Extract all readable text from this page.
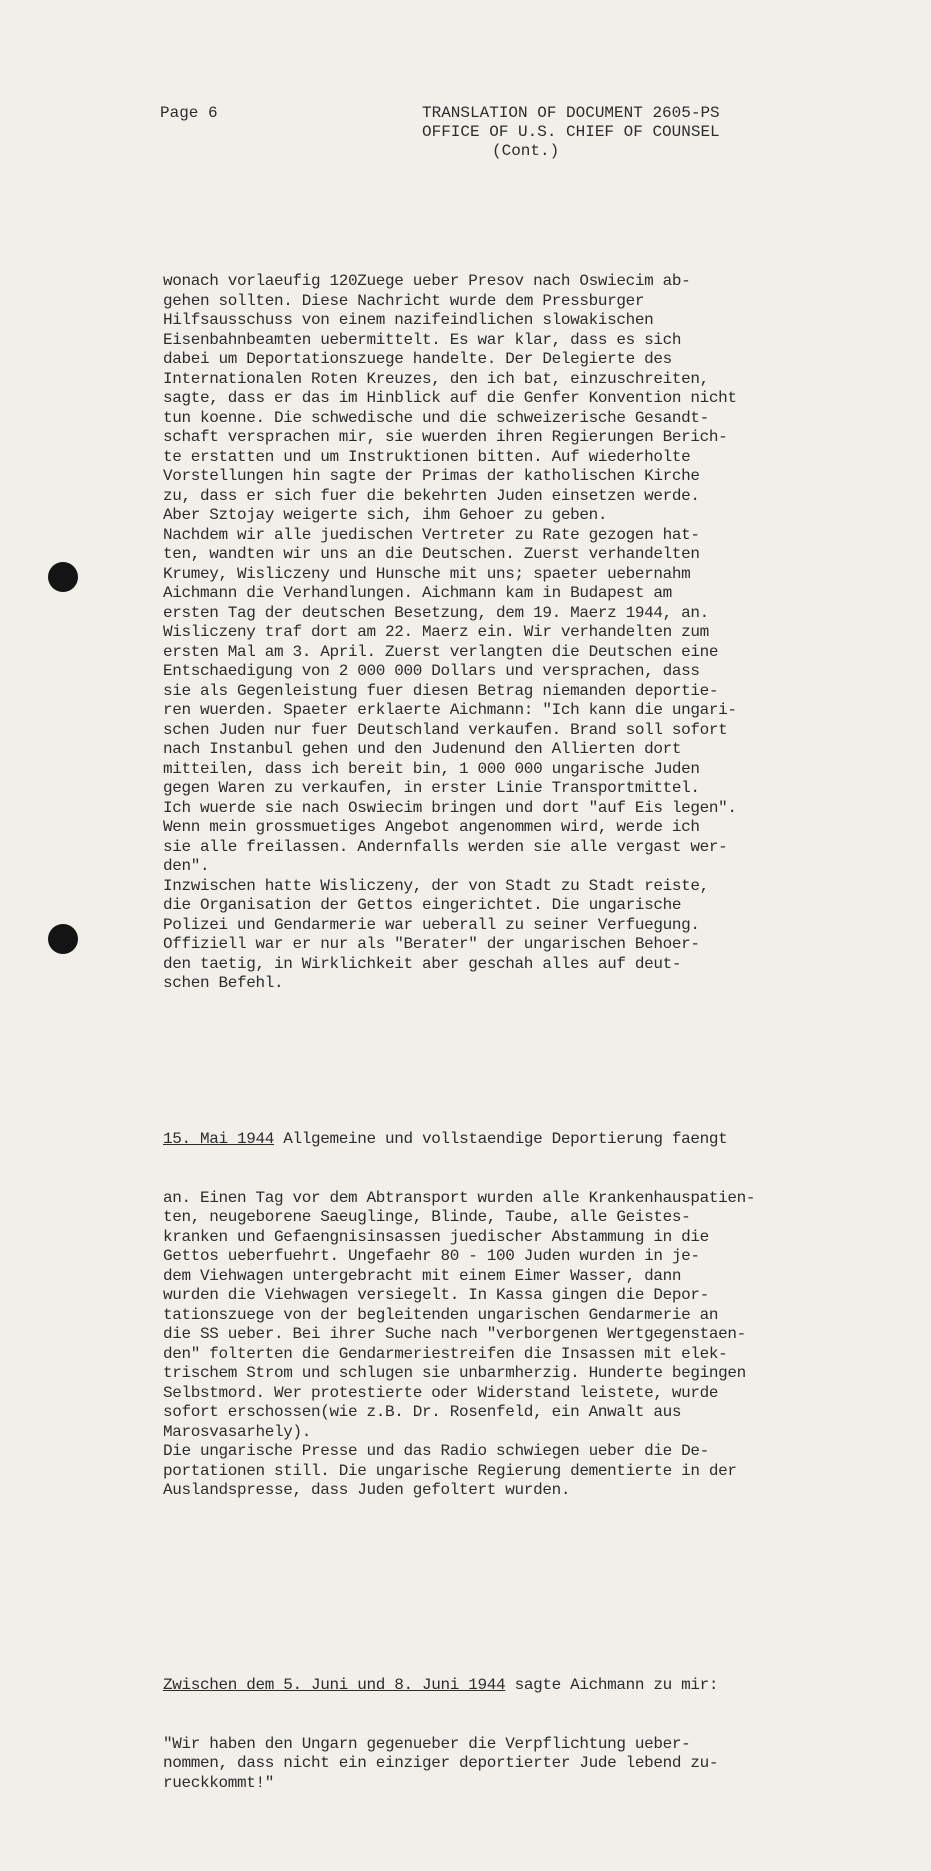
Page 6	TRANSLATION OF DOCUMENT 2605-PS
OFFICE OF U.S. CHIEF OF COUNSEL
(Cont.)

wonach vorlaeufig 120Zuege ueber Presov nach Oswiecim ab-
gehen sollten. Diese Nachricht wurde dem Pressburger
Hilfsausschuss von einem nazifeindlichen slowakischen
Eisenbahnbeamten uebermittelt. Es war klar, dass es sich
dabei um Deportationszuege handelte. Der Delegierte des
Internationalen Roten Kreuzes, den ich bat, einzuschreiten,
sagte, dass er das im Hinblick auf die Genfer Konvention nicht
tun koenne. Die schwedische und die schweizerische Gesandt-
schaft versprachen mir, sie wuerden ihren Regierungen Berich-
te erstatten und um Instruktionen bitten. Auf wiederholte
Vorstellungen hin sagte der Primas der katholischen Kirche
zu, dass er sich fuer die bekehrten Juden einsetzen werde.
Aber Sztojay weigerte sich, ihm Gehoer zu geben.
Nachdem wir alle juedischen Vertreter zu Rate gezogen hat-
ten, wandten wir uns an die Deutschen. Zuerst verhandelten
Krumey, Wisliczeny und Hunsche mit uns; spaeter uebernahm
Aichmann die Verhandlungen. Aichmann kam in Budapest am
ersten Tag der deutschen Besetzung, dem 19. Maerz 1944, an.
Wisliczeny traf dort am 22. Maerz ein. Wir verhandelten zum
ersten Mal am 3. April. Zuerst verlangten die Deutschen eine
Entschaedigung von 2 000 000 Dollars und versprachen, dass
sie als Gegenleistung fuer diesen Betrag niemanden deportie-
ren wuerden. Spaeter erklaerte Aichmann: "Ich kann die ungari-
schen Juden nur fuer Deutschland verkaufen. Brand soll sofort
nach Instanbul gehen und den Judenund den Allierten dort
mitteilen, dass ich bereit bin, 1 000 000 ungarische Juden
gegen Waren zu verkaufen, in erster Linie Transportmittel.
Ich wuerde sie nach Oswiecim bringen und dort "auf Eis legen".
Wenn mein grossmuetiges Angebot angenommen wird, werde ich
sie alle freilassen. Andernfalls werden sie alle vergast wer-
den".
Inzwischen hatte Wisliczeny, der von Stadt zu Stadt reiste,
die Organisation der Gettos eingerichtet. Die ungarische
Polizei und Gendarmerie war ueberall zu seiner Verfuegung.
Offiziell war er nur als "Berater" der ungarischen Behoer-
den taetig, in Wirklichkeit aber geschah alles auf deut-
schen Befehl.

15. Mai 1944 Allgemeine und vollstaendige Deportierung faengt

an. Einen Tag vor dem Abtransport wurden alle Krankenhauspatien-
ten, neugeborene Saeuglinge, Blinde, Taube, alle Geistes-
kranken und Gefaengnisinsassen juedischer Abstammung in die
Gettos ueberfuehrt. Ungefaehr 80 - 100 Juden wurden in je-
dem Viehwagen untergebracht mit einem Eimer Wasser, dann
wurden die Viehwagen versiegelt. In Kassa gingen die Depor-
tationszuege von der begleitenden ungarischen Gendarmerie an
die SS ueber. Bei ihrer Suche nach "verborgenen Wertgegenstaen-
den" folterten die Gendarmeriestreifen die Insassen mit elek-
trischem Strom und schlugen sie unbarmherzig. Hunderte begingen
Selbstmord. Wer protestierte oder Widerstand leistete, wurde
sofort erschossen(wie z.B. Dr. Rosenfeld, ein Anwalt aus
Marosvasarhely).
Die ungarische Presse und das Radio schwiegen ueber die De-
portationen still. Die ungarische Regierung dementierte in der
Auslandspresse, dass Juden gefoltert wurden.

Zwischen dem 5. Juni und 8. Juni 1944 sagte Aichmann zu mir:

"Wir haben den Ungarn gegenueber die Verpflichtung ueber-
nommen, dass nicht ein einziger deportierter Jude lebend zu-
rueckkommt!"
